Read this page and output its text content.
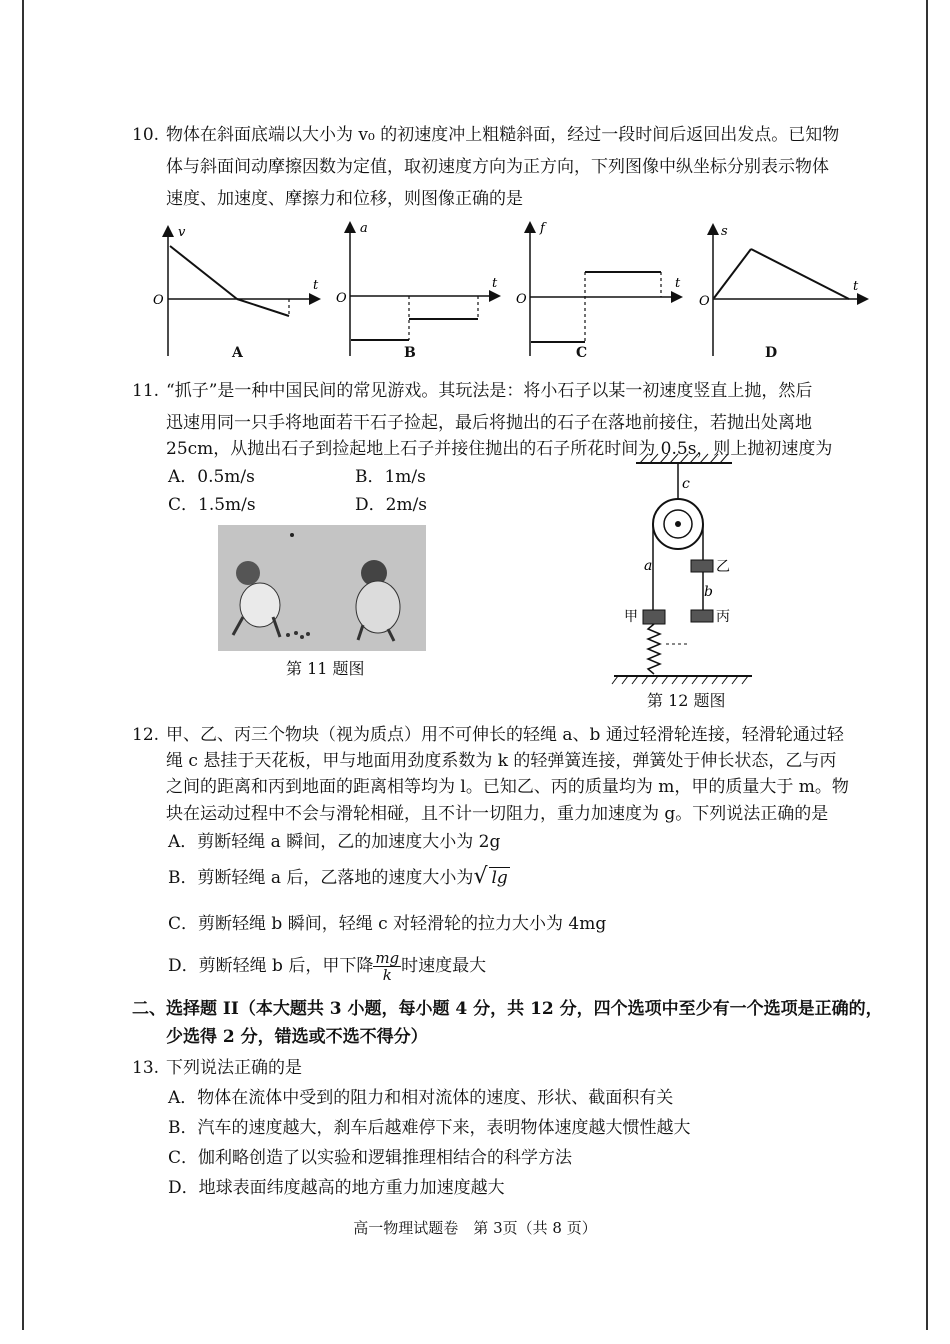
10. 物体在斜面底端以大小为 v₀ 的初速度冲上粗糙斜面，经过一段时间后返回出发点。已知物
体与斜面间动摩擦因数为定值，取初速度方向为正方向，下列图像中纵坐标分别表示物体
速度、加速度、摩擦力和位移，则图像正确的是
v
t
O
a
t
O
f
t
O
s
t
O
A	B	C	D
11. “抓子”是一种中国民间的常见游戏。其玩法是：将小石子以某一初速度竖直上抛，然后
迅速用同一只手将地面若干石子捡起，最后将抛出的石子在落地前接住，若抛出处离地
25cm，从抛出石子到捡起地上石子并接住抛出的石子所花时间为 0.5s，则上抛初速度为
A．0.5m/s	B．1m/s
C．1.5m/s	D．2m/s
第 11 题图
c
a	乙
b
丙
甲
第 12 题图
12. 甲、乙、丙三个物块（视为质点）用不可伸长的轻绳 a、b 通过轻滑轮连接，轻滑轮通过轻
绳 c 悬挂于天花板，甲与地面用劲度系数为 k 的轻弹簧连接，弹簧处于伸长状态，乙与丙
之间的距离和丙到地面的距离相等均为 l。已知乙、丙的质量均为 m，甲的质量大于 m。物
块在运动过程中不会与滑轮相碰，且不计一切阻力，重力加速度为 g。下列说法正确的是
A．剪断轻绳 a 瞬间，乙的加速度大小为 2g
B．剪断轻绳 a 后，乙落地的速度大小为√ lg
C．剪断轻绳 b 瞬间，轻绳 c 对轻滑轮的拉力大小为 4mg
D．剪断轻绳 b 后，甲下降 $\frac{mg}{k}$ 时速度最大
二、选择题 II（本大题共 3 小题，每小题 4 分，共 12 分，四个选项中至少有一个选项是正确的，
少选得 2 分，错选或不选不得分）
13. 下列说法正确的是
A．物体在流体中受到的阻力和相对流体的速度、形状、截面积有关
B．汽车的速度越大，刹车后越难停下来，表明物体速度越大惯性越大
C．伽利略创造了以实验和逻辑推理相结合的科学方法
D．地球表面纬度越高的地方重力加速度越大
高一物理试题卷　第 3页（共 8 页）
